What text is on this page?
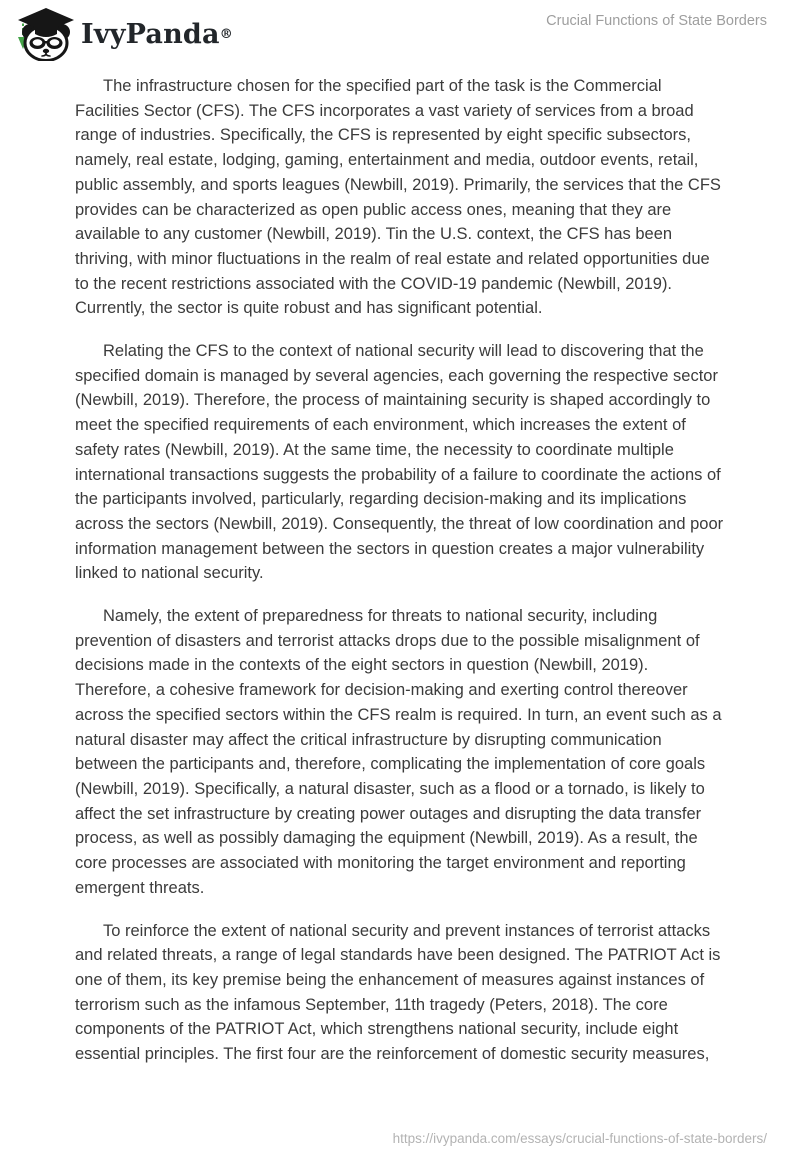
IvyPanda ®
Crucial Functions of State Borders

The infrastructure chosen for the specified part of the task is the Commercial Facilities Sector (CFS). The CFS incorporates a vast variety of services from a broad range of industries. Specifically, the CFS is represented by eight specific subsectors, namely, real estate, lodging, gaming, entertainment and media, outdoor events, retail, public assembly, and sports leagues (Newbill, 2019). Primarily, the services that the CFS provides can be characterized as open public access ones, meaning that they are available to any customer (Newbill, 2019). Tin the U.S. context, the CFS has been thriving, with minor fluctuations in the realm of real estate and related opportunities due to the recent restrictions associated with the COVID-19 pandemic (Newbill, 2019). Currently, the sector is quite robust and has significant potential.

Relating the CFS to the context of national security will lead to discovering that the specified domain is managed by several agencies, each governing the respective sector (Newbill, 2019). Therefore, the process of maintaining security is shaped accordingly to meet the specified requirements of each environment, which increases the extent of safety rates (Newbill, 2019). At the same time, the necessity to coordinate multiple international transactions suggests the probability of a failure to coordinate the actions of the participants involved, particularly, regarding decision-making and its implications across the sectors (Newbill, 2019). Consequently, the threat of low coordination and poor information management between the sectors in question creates a major vulnerability linked to national security.

Namely, the extent of preparedness for threats to national security, including prevention of disasters and terrorist attacks drops due to the possible misalignment of decisions made in the contexts of the eight sectors in question (Newbill, 2019). Therefore, a cohesive framework for decision-making and exerting control thereover across the specified sectors within the CFS realm is required. In turn, an event such as a natural disaster may affect the critical infrastructure by disrupting communication between the participants and, therefore, complicating the implementation of core goals (Newbill, 2019). Specifically, a natural disaster, such as a flood or a tornado, is likely to affect the set infrastructure by creating power outages and disrupting the data transfer process, as well as possibly damaging the equipment (Newbill, 2019). As a result, the core processes are associated with monitoring the target environment and reporting emergent threats.

To reinforce the extent of national security and prevent instances of terrorist attacks and related threats, a range of legal standards have been designed. The PATRIOT Act is one of them, its key premise being the enhancement of measures against instances of terrorism such as the infamous September, 11th tragedy (Peters, 2018). The core components of the PATRIOT Act, which strengthens national security, include eight essential principles. The first four are the reinforcement of domestic security measures,

https://ivypanda.com/essays/crucial-functions-of-state-borders/
